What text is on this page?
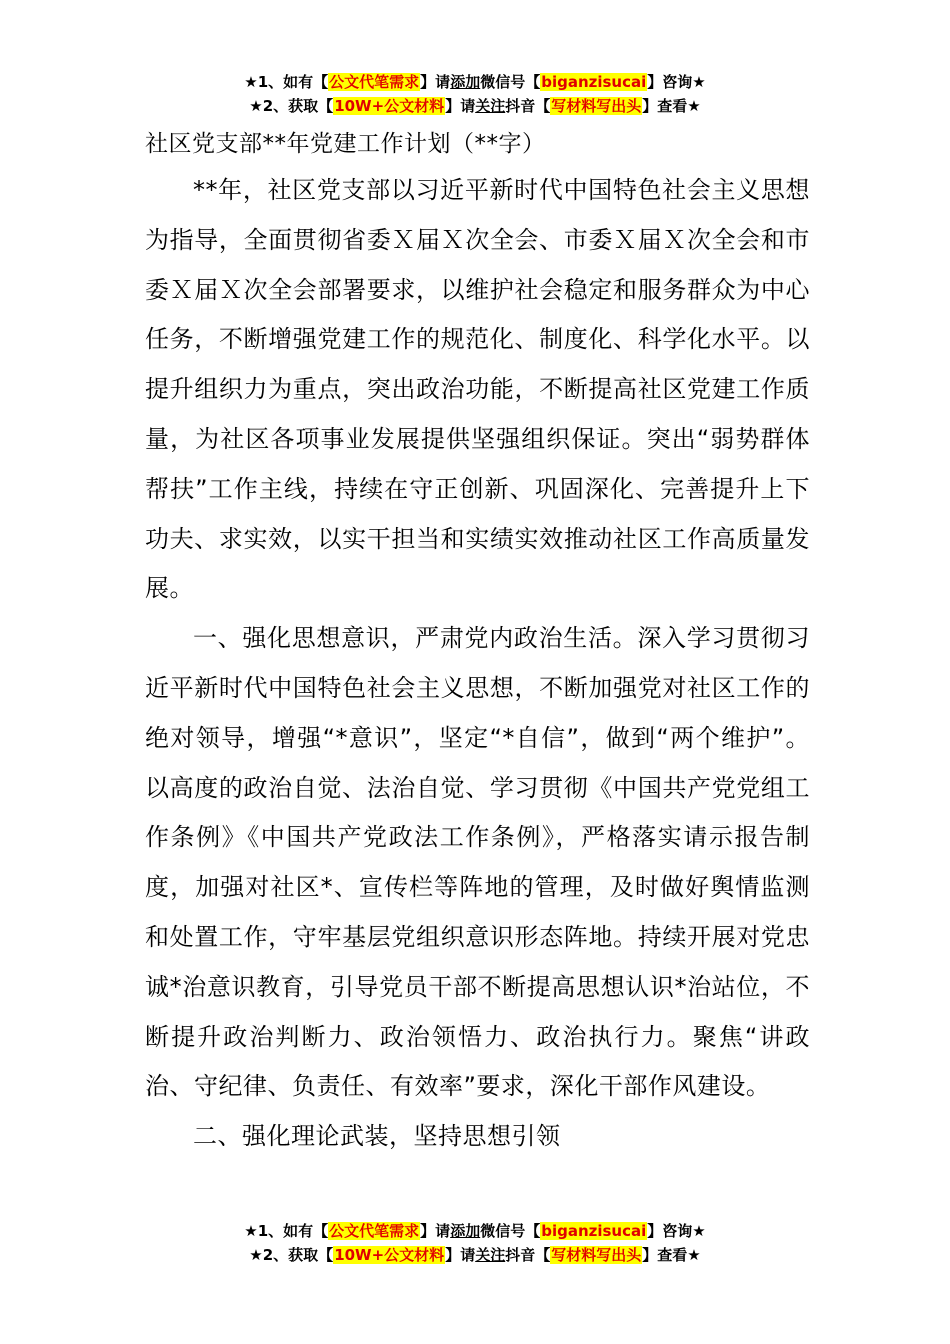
★1、如有【公文代笔需求】请添加微信号【biganzisucai】咨询★
★2、获取【10W+公文材料】请关注抖音【写材料写出头】查看★

社区党支部**年党建工作计划（**字）

**年，社区党支部以习近平新时代中国特色社会主义思想为指导，全面贯彻省委Ｘ届Ｘ次全会、市委Ｘ届Ｘ次全会和市委Ｘ届Ｘ次全会部署要求，以维护社会稳定和服务群众为中心任务，不断增强党建工作的规范化、制度化、科学化水平。以提升组织力为重点，突出政治功能，不断提高社区党建工作质量，为社区各项事业发展提供坚强组织保证。突出“弱势群体帮扶”工作主线，持续在守正创新、巩固深化、完善提升上下功夫、求实效，以实干担当和实绩实效推动社区工作高质量发展。

一、强化思想意识，严肃党内政治生活。深入学习贯彻习近平新时代中国特色社会主义思想，不断加强党对社区工作的绝对领导，增强“*意识”，坚定“*自信”，做到“两个维护”。以高度的政治自觉、法治自觉、学习贯彻《中国共产党党组工作条例》《中国共产党政法工作条例》，严格落实请示报告制度，加强对社区*、宣传栏等阵地的管理，及时做好舆情监测和处置工作，守牢基层党组织意识形态阵地。持续开展对党忠诚*治意识教育，引导党员干部不断提高思想认识*治站位，不断提升政治判断力、政治领悟力、政治执行力。聚焦“讲政治、守纪律、负责任、有效率”要求，深化干部作风建设。

二、强化理论武装，坚持思想引领

★1、如有【公文代笔需求】请添加微信号【biganzisucai】咨询★
★2、获取【10W+公文材料】请关注抖音【写材料写出头】查看★
